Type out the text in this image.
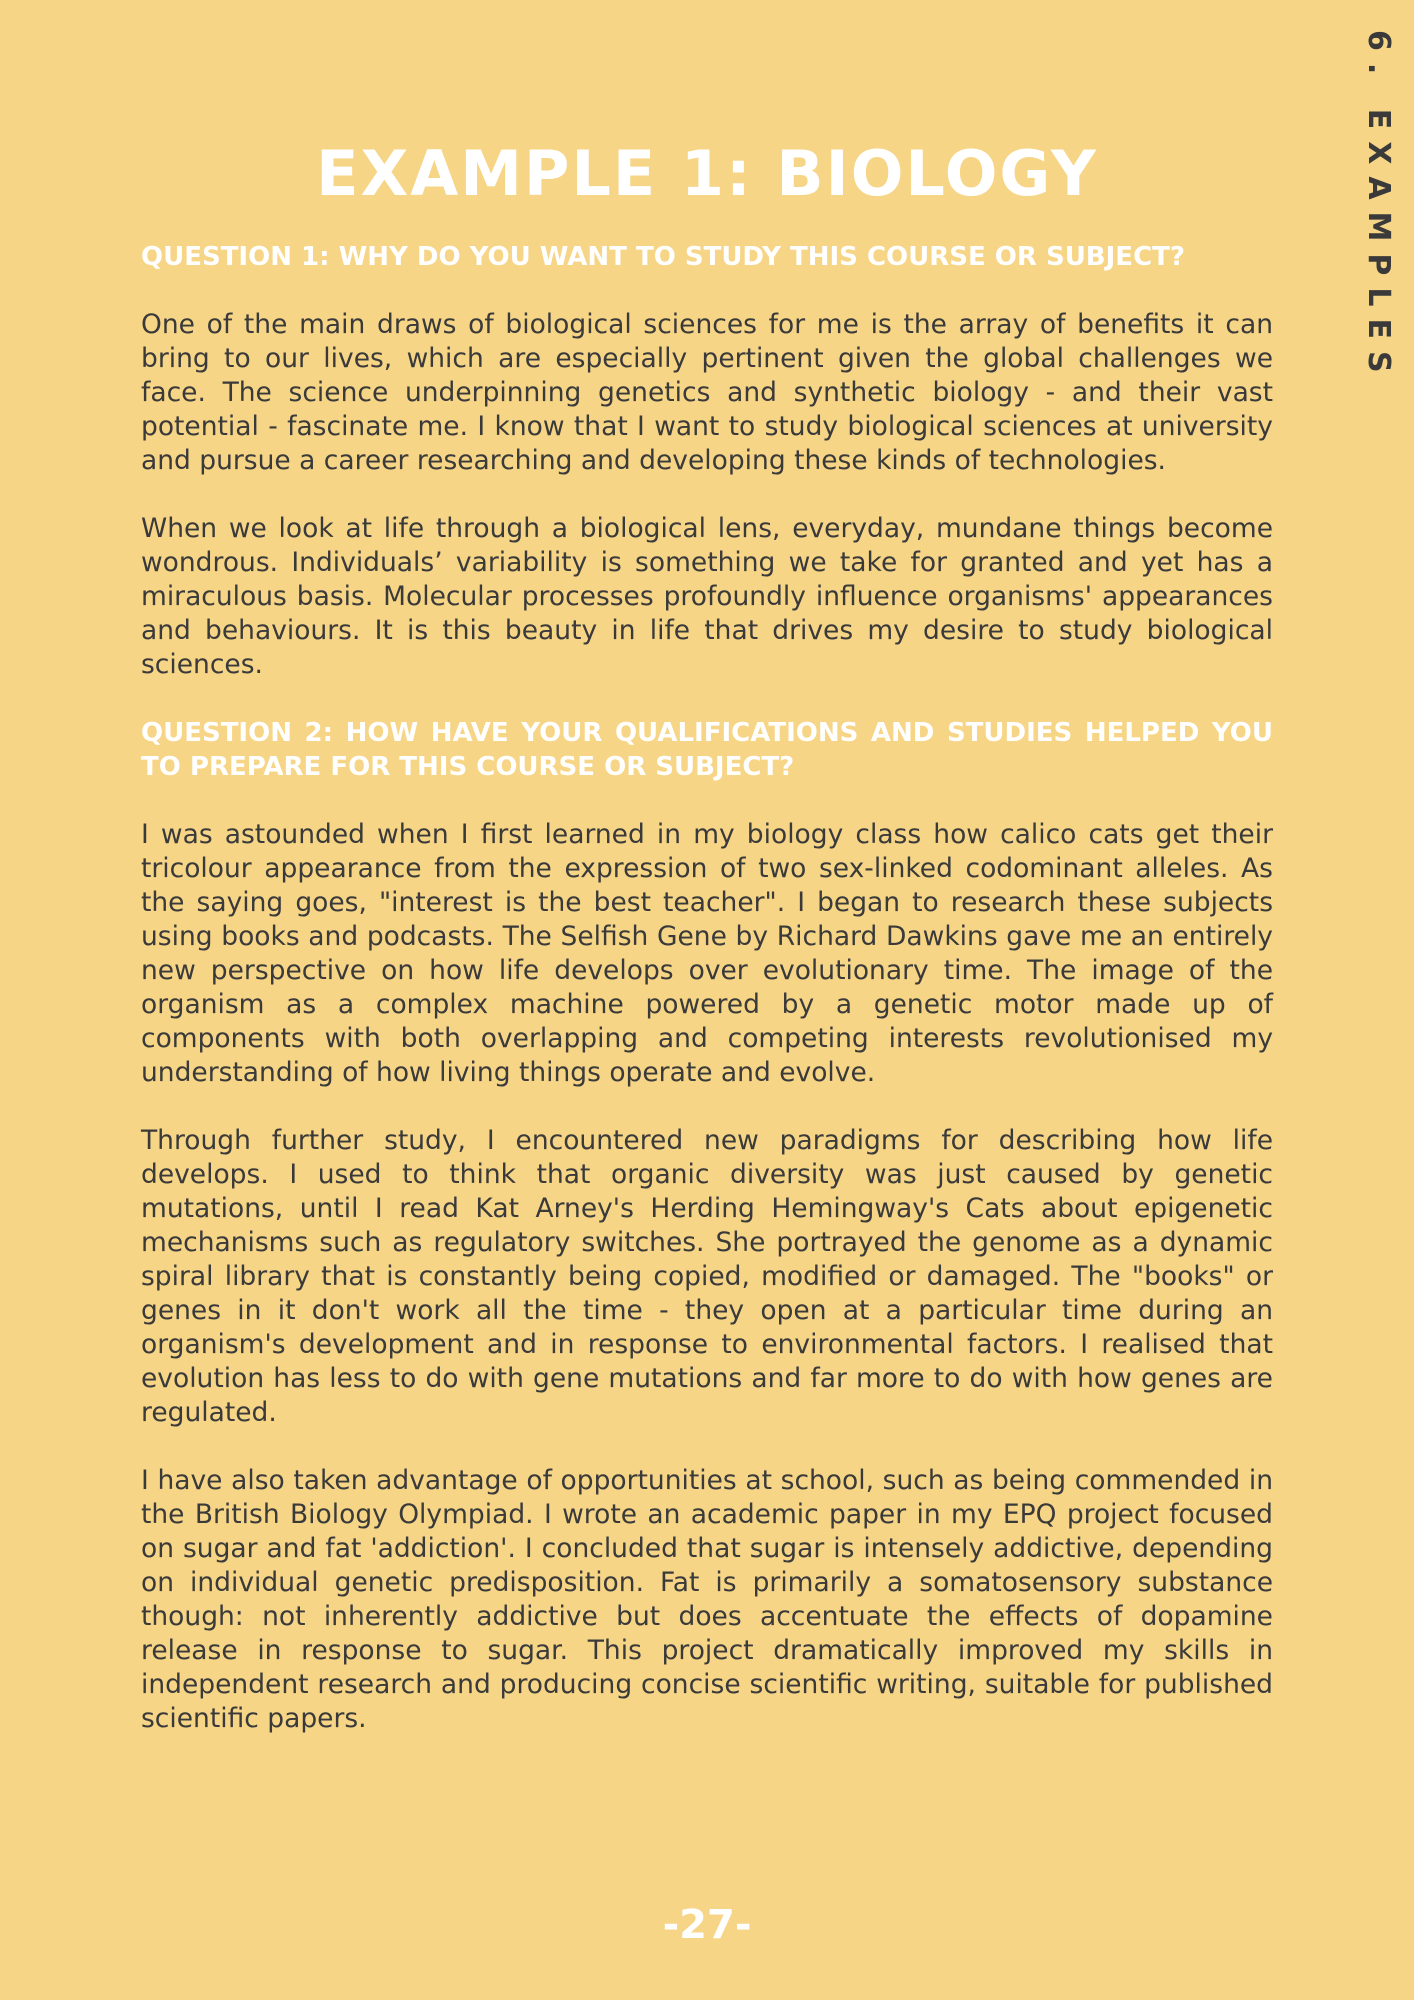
6. EXAMPLES
EXAMPLE 1: BIOLOGY
QUESTION 1: WHY DO YOU WANT TO STUDY THIS COURSE OR SUBJECT?

One of the main draws of biological sciences for me is the array of benefits it can bring to our lives, which are especially pertinent given the global challenges we face. The science underpinning genetics and synthetic biology - and their vast potential - fascinate me. I know that I want to study biological sciences at university and pursue a career researching and developing these kinds of technologies.

When we look at life through a biological lens, everyday, mundane things become wondrous. Individuals’ variability is something we take for granted and yet has a miraculous basis. Molecular processes profoundly influence organisms' appearances and behaviours. It is this beauty in life that drives my desire to study biological sciences.

QUESTION 2: HOW HAVE YOUR QUALIFICATIONS AND STUDIES HELPED YOU TO PREPARE FOR THIS COURSE OR SUBJECT?

I was astounded when I first learned in my biology class how calico cats get their tricolour appearance from the expression of two sex-linked codominant alleles. As the saying goes, "interest is the best teacher". I began to research these subjects using books and podcasts. The Selfish Gene by Richard Dawkins gave me an entirely new perspective on how life develops over evolutionary time. The image of the organism as a complex machine powered by a genetic motor made up of components with both overlapping and competing interests revolutionised my understanding of how living things operate and evolve.

Through further study, I encountered new paradigms for describing how life develops. I used to think that organic diversity was just caused by genetic mutations, until I read Kat Arney's Herding Hemingway's Cats about epigenetic mechanisms such as regulatory switches. She portrayed the genome as a dynamic spiral library that is constantly being copied, modified or damaged. The "books" or genes in it don't work all the time - they open at a particular time during an organism's development and in response to environmental factors. I realised that evolution has less to do with gene mutations and far more to do with how genes are regulated.

I have also taken advantage of opportunities at school, such as being commended in the British Biology Olympiad. I wrote an academic paper in my EPQ project focused on sugar and fat 'addiction'. I concluded that sugar is intensely addictive, depending on individual genetic predisposition. Fat is primarily a somatosensory substance though: not inherently addictive but does accentuate the effects of dopamine release in response to sugar. This project dramatically improved my skills in independent research and producing concise scientific writing, suitable for published scientific papers.

-27-
